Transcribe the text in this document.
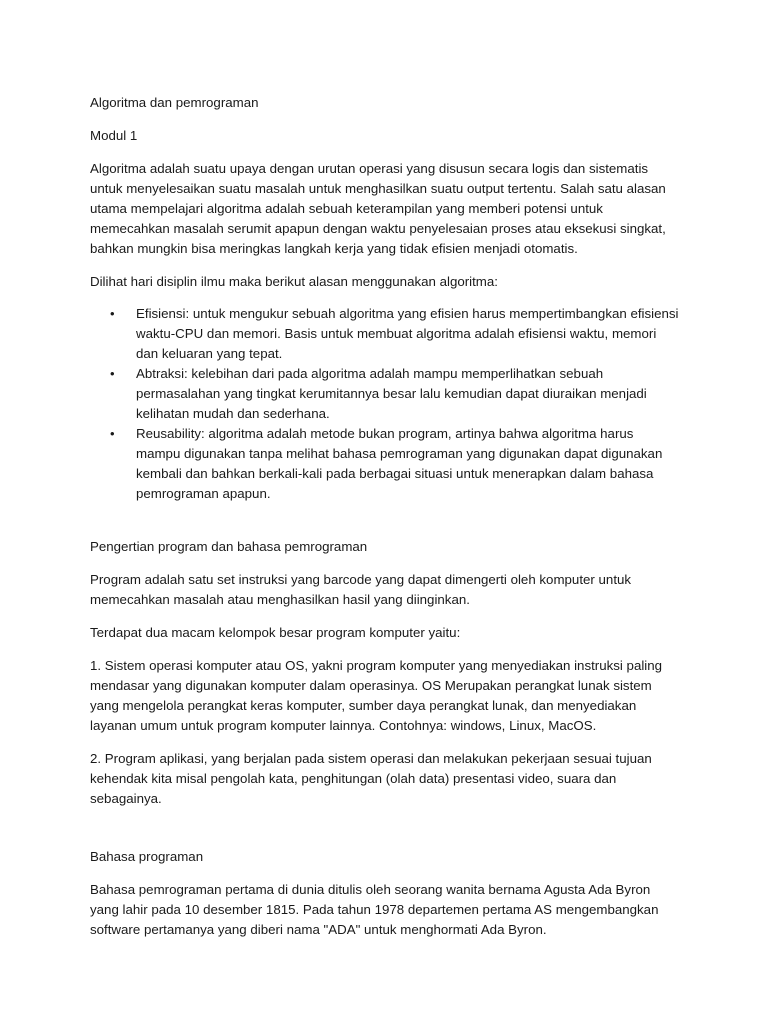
Algoritma dan pemrograman

Modul 1

Algoritma adalah suatu upaya dengan urutan operasi yang disusun secara logis dan sistematis untuk menyelesaikan suatu masalah untuk menghasilkan suatu output tertentu. Salah satu alasan utama mempelajari algoritma adalah sebuah keterampilan yang memberi potensi untuk memecahkan masalah serumit apapun dengan waktu penyelesaian proses atau eksekusi singkat, bahkan mungkin bisa meringkas langkah kerja yang tidak efisien menjadi otomatis.

Dilihat hari disiplin ilmu maka berikut alasan menggunakan algoritma:

• Efisiensi: untuk mengukur sebuah algoritma yang efisien harus mempertimbangkan efisiensi waktu-CPU dan memori. Basis untuk membuat algoritma adalah efisiensi waktu, memori dan keluaran yang tepat.
• Abtraksi: kelebihan dari pada algoritma adalah mampu memperlihatkan sebuah permasalahan yang tingkat kerumitannya besar lalu kemudian dapat diuraikan menjadi kelihatan mudah dan sederhana.
• Reusability: algoritma adalah metode bukan program, artinya bahwa algoritma harus mampu digunakan tanpa melihat bahasa pemrograman yang digunakan dapat digunakan kembali dan bahkan berkali-kali pada berbagai situasi untuk menerapkan dalam bahasa pemrograman apapun.

Pengertian program dan bahasa pemrograman

Program adalah satu set instruksi yang barcode yang dapat dimengerti oleh komputer untuk memecahkan masalah atau menghasilkan hasil yang diinginkan.

Terdapat dua macam kelompok besar program komputer yaitu:

1. Sistem operasi komputer atau OS, yakni program komputer yang menyediakan instruksi paling mendasar yang digunakan komputer dalam operasinya. OS Merupakan perangkat lunak sistem yang mengelola perangkat keras komputer, sumber daya perangkat lunak, dan menyediakan layanan umum untuk program komputer lainnya. Contohnya: windows, Linux, MacOS.

2. Program aplikasi, yang berjalan pada sistem operasi dan melakukan pekerjaan sesuai tujuan kehendak kita misal pengolah kata, penghitungan (olah data) presentasi video, suara dan sebagainya.

Bahasa programan

Bahasa pemrograman pertama di dunia ditulis oleh seorang wanita bernama Agusta Ada Byron yang lahir pada 10 desember 1815. Pada tahun 1978 departemen pertama AS mengembangkan software pertamanya yang diberi nama "ADA" untuk menghormati Ada Byron.
